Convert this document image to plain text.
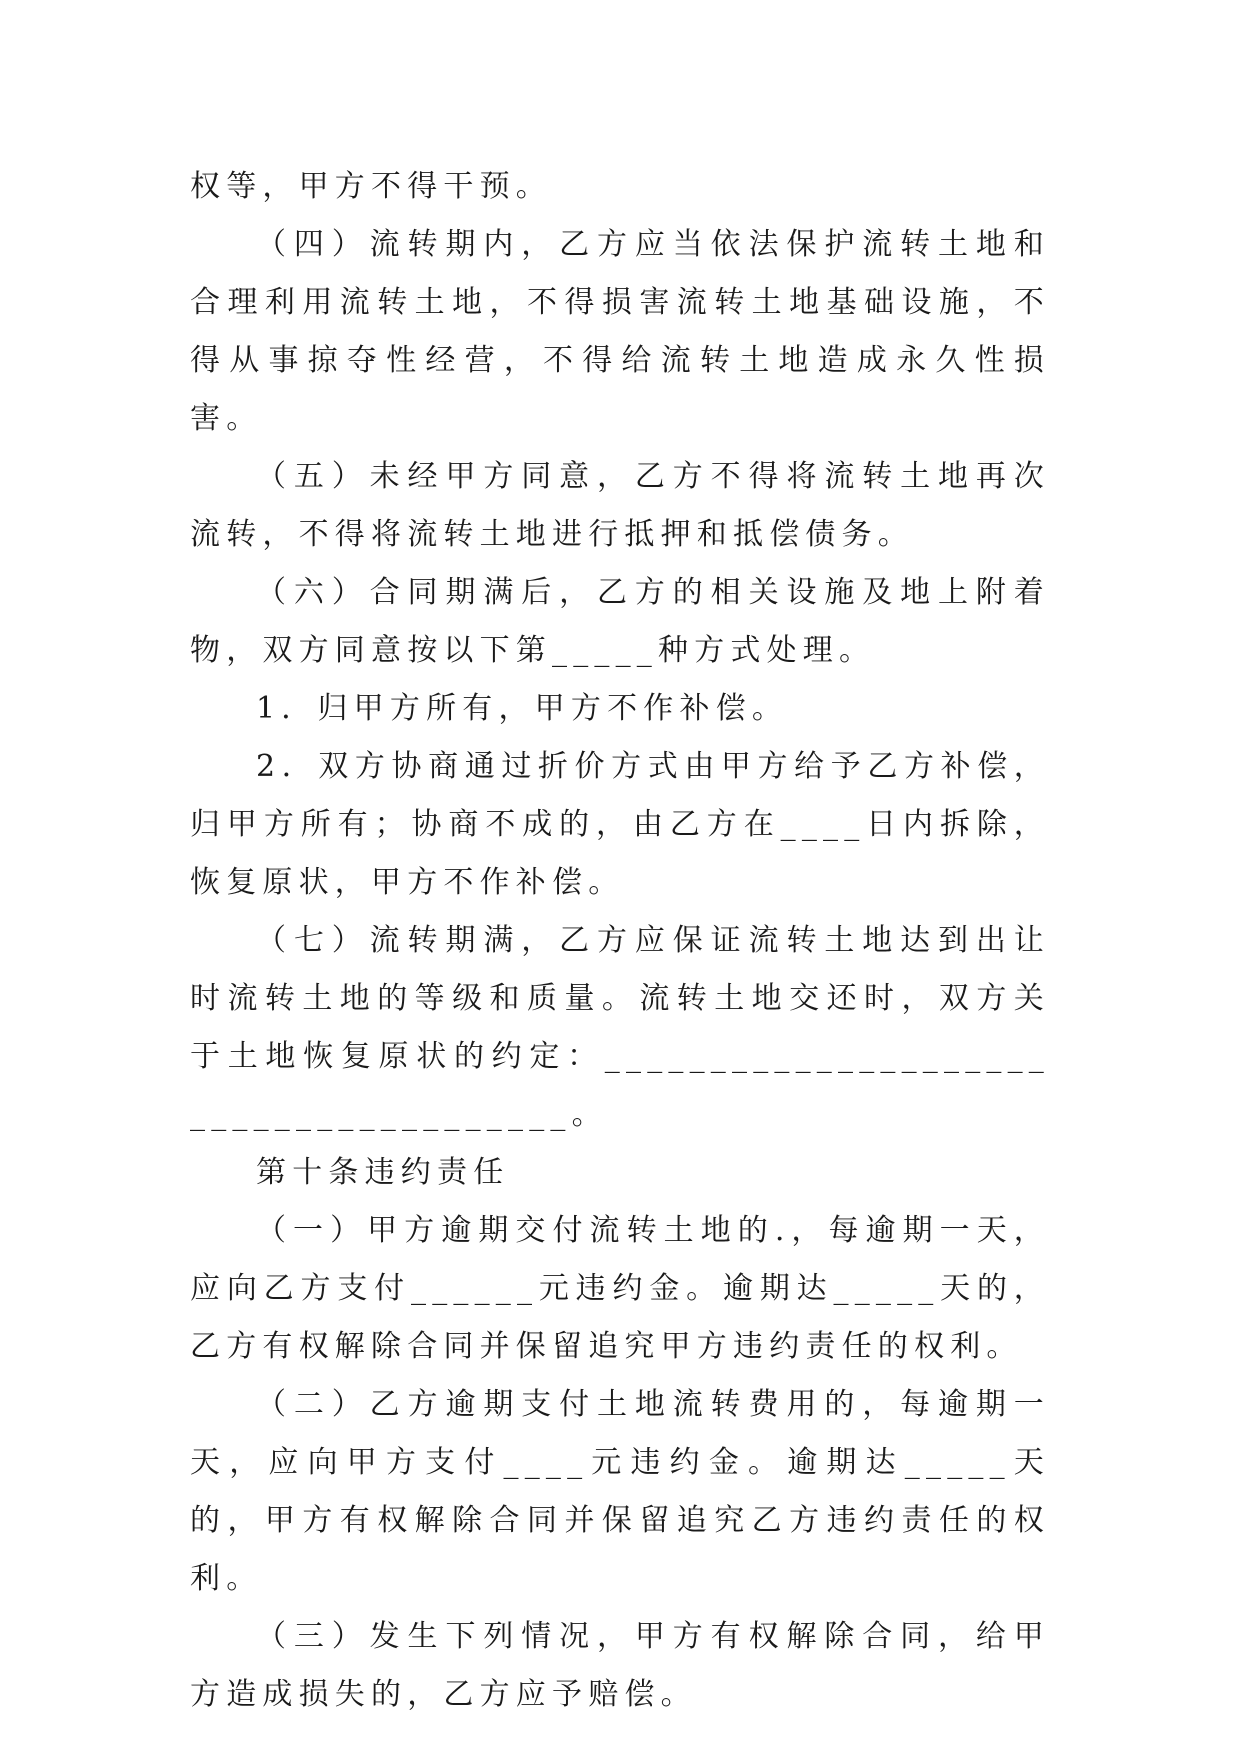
权等，甲方不得干预。

（四）流转期内，乙方应当依法保护流转土地和合理利用流转土地，不得损害流转土地基础设施，不得从事掠夺性经营，不得给流转土地造成永久性损害。

（五）未经甲方同意，乙方不得将流转土地再次流转，不得将流转土地进行抵押和抵偿债务。

（六）合同期满后，乙方的相关设施及地上附着物，双方同意按以下第_____种方式处理。

1．归甲方所有，甲方不作补偿。

2．双方协商通过折价方式由甲方给予乙方补偿，归甲方所有；协商不成的，由乙方在____日内拆除，恢复原状，甲方不作补偿。

（七）流转期满，乙方应保证流转土地达到出让时流转土地的等级和质量。流转土地交还时，双方关于土地恢复原状的约定：_______________________________________。

第十条违约责任

（一）甲方逾期交付流转土地的.，每逾期一天，应向乙方支付______元违约金。逾期达_____天的，乙方有权解除合同并保留追究甲方违约责任的权利。

（二）乙方逾期支付土地流转费用的，每逾期一天，应向甲方支付____元违约金。逾期达_____天的，甲方有权解除合同并保留追究乙方违约责任的权利。

（三）发生下列情况，甲方有权解除合同，给甲方造成损失的，乙方应予赔偿。
